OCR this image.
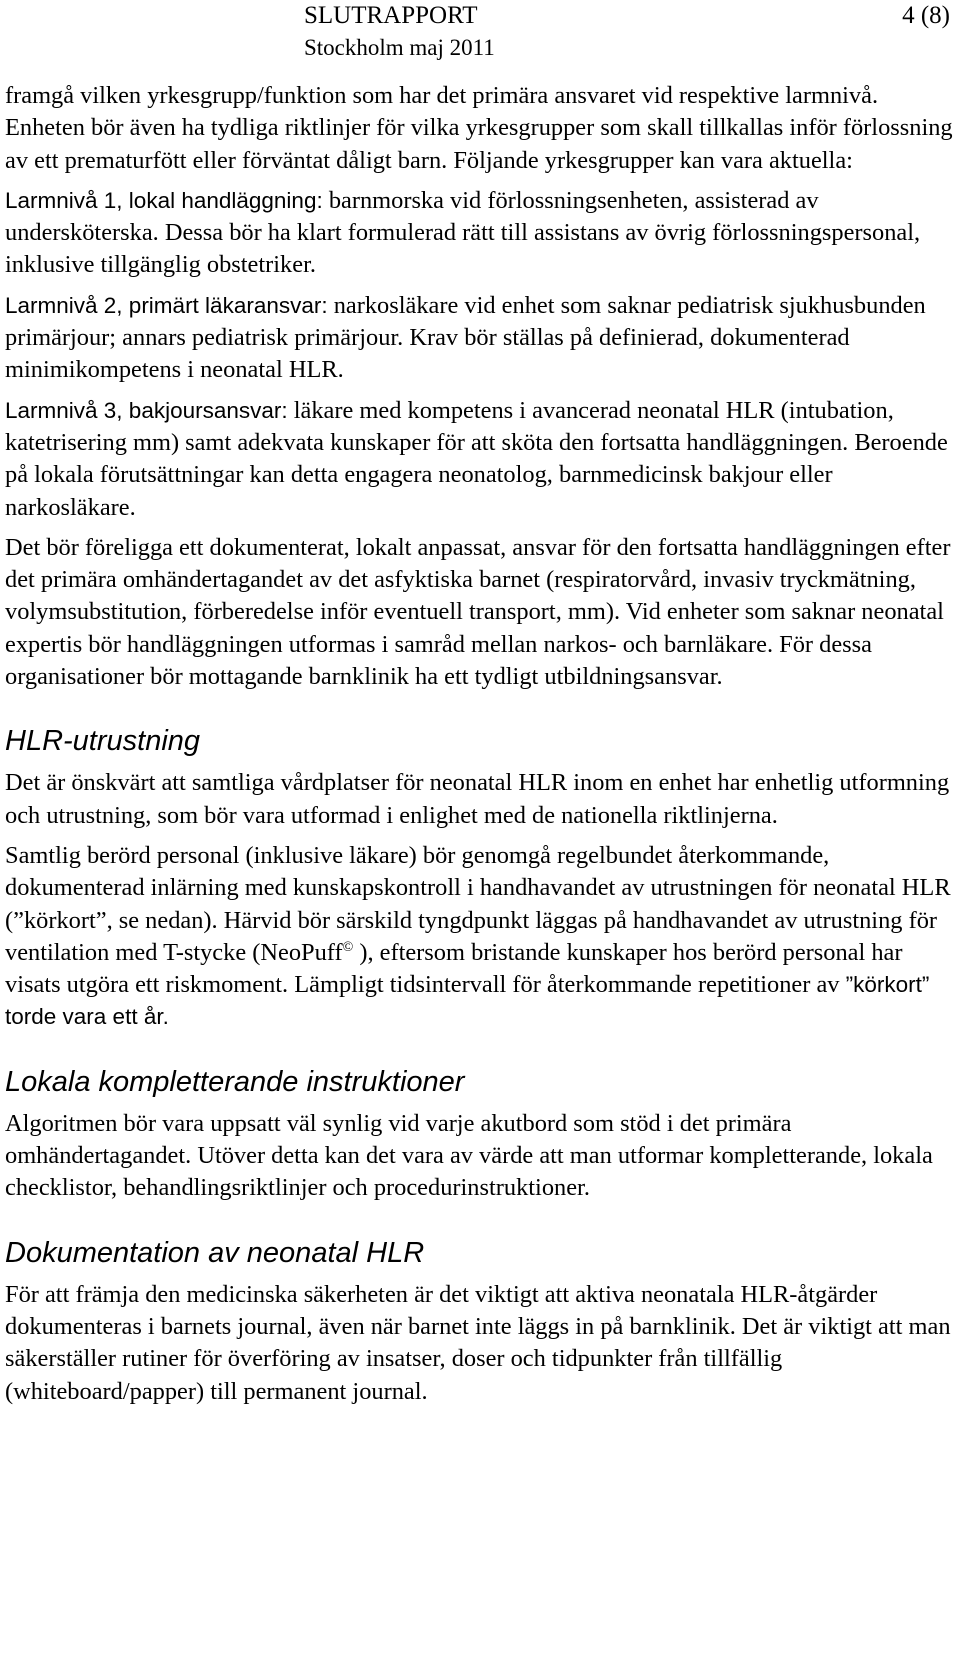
SLUTRAPPORT
Stockholm maj 2011
4 (8)

framgå vilken yrkesgrupp/funktion som har det primära ansvaret vid respektive larmnivå. Enheten bör även ha tydliga riktlinjer för vilka yrkesgrupper som skall tillkallas inför förlossning av ett prematurfött eller förväntat dåligt barn. Följande yrkesgrupper kan vara aktuella:

Larmnivå 1, lokal handläggning: barnmorska vid förlossningsenheten, assisterad av undersköterska. Dessa bör ha klart formulerad rätt till assistans av övrig förlossningspersonal, inklusive tillgänglig obstetriker.

Larmnivå 2, primärt läkaransvar: narkosläkare vid enhet som saknar pediatrisk sjukhusbunden primärjour; annars pediatrisk primärjour. Krav bör ställas på definierad, dokumenterad minimikompetens i neonatal HLR.

Larmnivå 3, bakjoursansvar: läkare med kompetens i avancerad neonatal HLR (intubation, katetrisering mm) samt adekvata kunskaper för att sköta den fortsatta handläggningen. Beroende på lokala förutsättningar kan detta engagera neonatolog, barnmedicinsk bakjour eller narkosläkare.

Det bör föreligga ett dokumenterat, lokalt anpassat, ansvar för den fortsatta handläggningen efter det primära omhändertagandet av det asfyktiska barnet (respiratorvård, invasiv tryckmätning, volymsubstitution, förberedelse inför eventuell transport, mm). Vid enheter som saknar neonatal expertis bör handläggningen utformas i samråd mellan narkos- och barnläkare. För dessa organisationer bör mottagande barnklinik ha ett tydligt utbildningsansvar.

HLR-utrustning

Det är önskvärt att samtliga vårdplatser för neonatal HLR inom en enhet har enhetlig utformning och utrustning, som bör vara utformad i enlighet med de nationella riktlinjerna.

Samtlig berörd personal (inklusive läkare) bör genomgå regelbundet återkommande, dokumenterad inlärning med kunskapskontroll i handhavandet av utrustningen för neonatal HLR (”körkort”, se nedan). Härvid bör särskild tyngdpunkt läggas på handhavandet av utrustning för ventilation med T-stycke (NeoPuff© ), eftersom bristande kunskaper hos berörd personal har visats utgöra ett riskmoment. Lämpligt tidsintervall för återkommande repetitioner av ”körkort” torde vara ett år.

Lokala kompletterande instruktioner

Algoritmen bör vara uppsatt väl synlig vid varje akutbord som stöd i det primära omhändertagandet. Utöver detta kan det vara av värde att man utformar kompletterande, lokala checklistor, behandlingsriktlinjer och procedurinstruktioner.

Dokumentation av neonatal HLR

För att främja den medicinska säkerheten är det viktigt att aktiva neonatala HLR-åtgärder dokumenteras i barnets journal, även när barnet inte läggs in på barnklinik. Det är viktigt att man säkerställer rutiner för överföring av insatser, doser och tidpunkter från tillfällig (whiteboard/papper) till permanent journal.
